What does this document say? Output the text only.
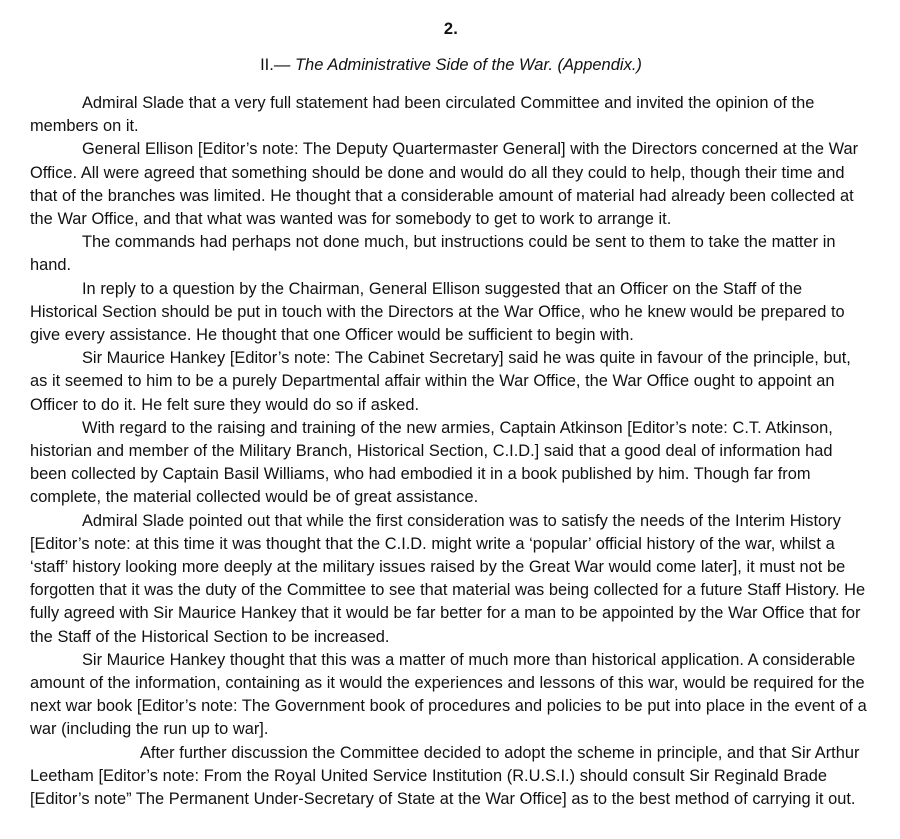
2.
II.— The Administrative Side of the War. (Appendix.)

Admiral Slade that a very full statement had been circulated Committee and invited the opinion of the members on it.

General Ellison [Editor’s note: The Deputy Quartermaster General] with the Directors concerned at the War Office. All were agreed that something should be done and would do all they could to help, though their time and that of the branches was limited. He thought that a considerable amount of material had already been collected at the War Office, and that what was wanted was for somebody to get to work to arrange it.

The commands had perhaps not done much, but instructions could be sent to them to take the matter in hand.

In reply to a question by the Chairman, General Ellison suggested that an Officer on the Staff of the Historical Section should be put in touch with the Directors at the War Office, who he knew would be prepared to give every assistance. He thought that one Officer would be sufficient to begin with.

Sir Maurice Hankey [Editor’s note: The Cabinet Secretary] said he was quite in favour of the principle, but, as it seemed to him to be a purely Departmental affair within the War Office, the War Office ought to appoint an Officer to do it. He felt sure they would do so if asked.

With regard to the raising and training of the new armies, Captain Atkinson [Editor’s note: C.T. Atkinson, historian and member of the Military Branch, Historical Section, C.I.D.] said that a good deal of information had been collected by Captain Basil Williams, who had embodied it in a book published by him. Though far from complete, the material collected would be of great assistance.

Admiral Slade pointed out that while the first consideration was to satisfy the needs of the Interim History [Editor’s note: at this time it was thought that the C.I.D. might write a ‘popular’ official history of the war, whilst a ‘staff’ history looking more deeply at the military issues raised by the Great War would come later], it must not be forgotten that it was the duty of the Committee to see that material was being collected for a future Staff History. He fully agreed with Sir Maurice Hankey that it would be far better for a man to be appointed by the War Office that for the Staff of the Historical Section to be increased.

Sir Maurice Hankey thought that this was a matter of much more than historical application. A considerable amount of the information, containing as it would the experiences and lessons of this war, would be required for the next war book [Editor’s note: The Government book of procedures and policies to be put into place in the event of a war (including the run up to war].

After further discussion the Committee decided to adopt the scheme in principle, and that Sir Arthur Leetham [Editor’s note: From the Royal United Service Institution (R.U.S.I.) should consult Sir Reginald Brade [Editor’s note” The Permanent Under-Secretary of State at the War Office] as to the best method of carrying it out.
